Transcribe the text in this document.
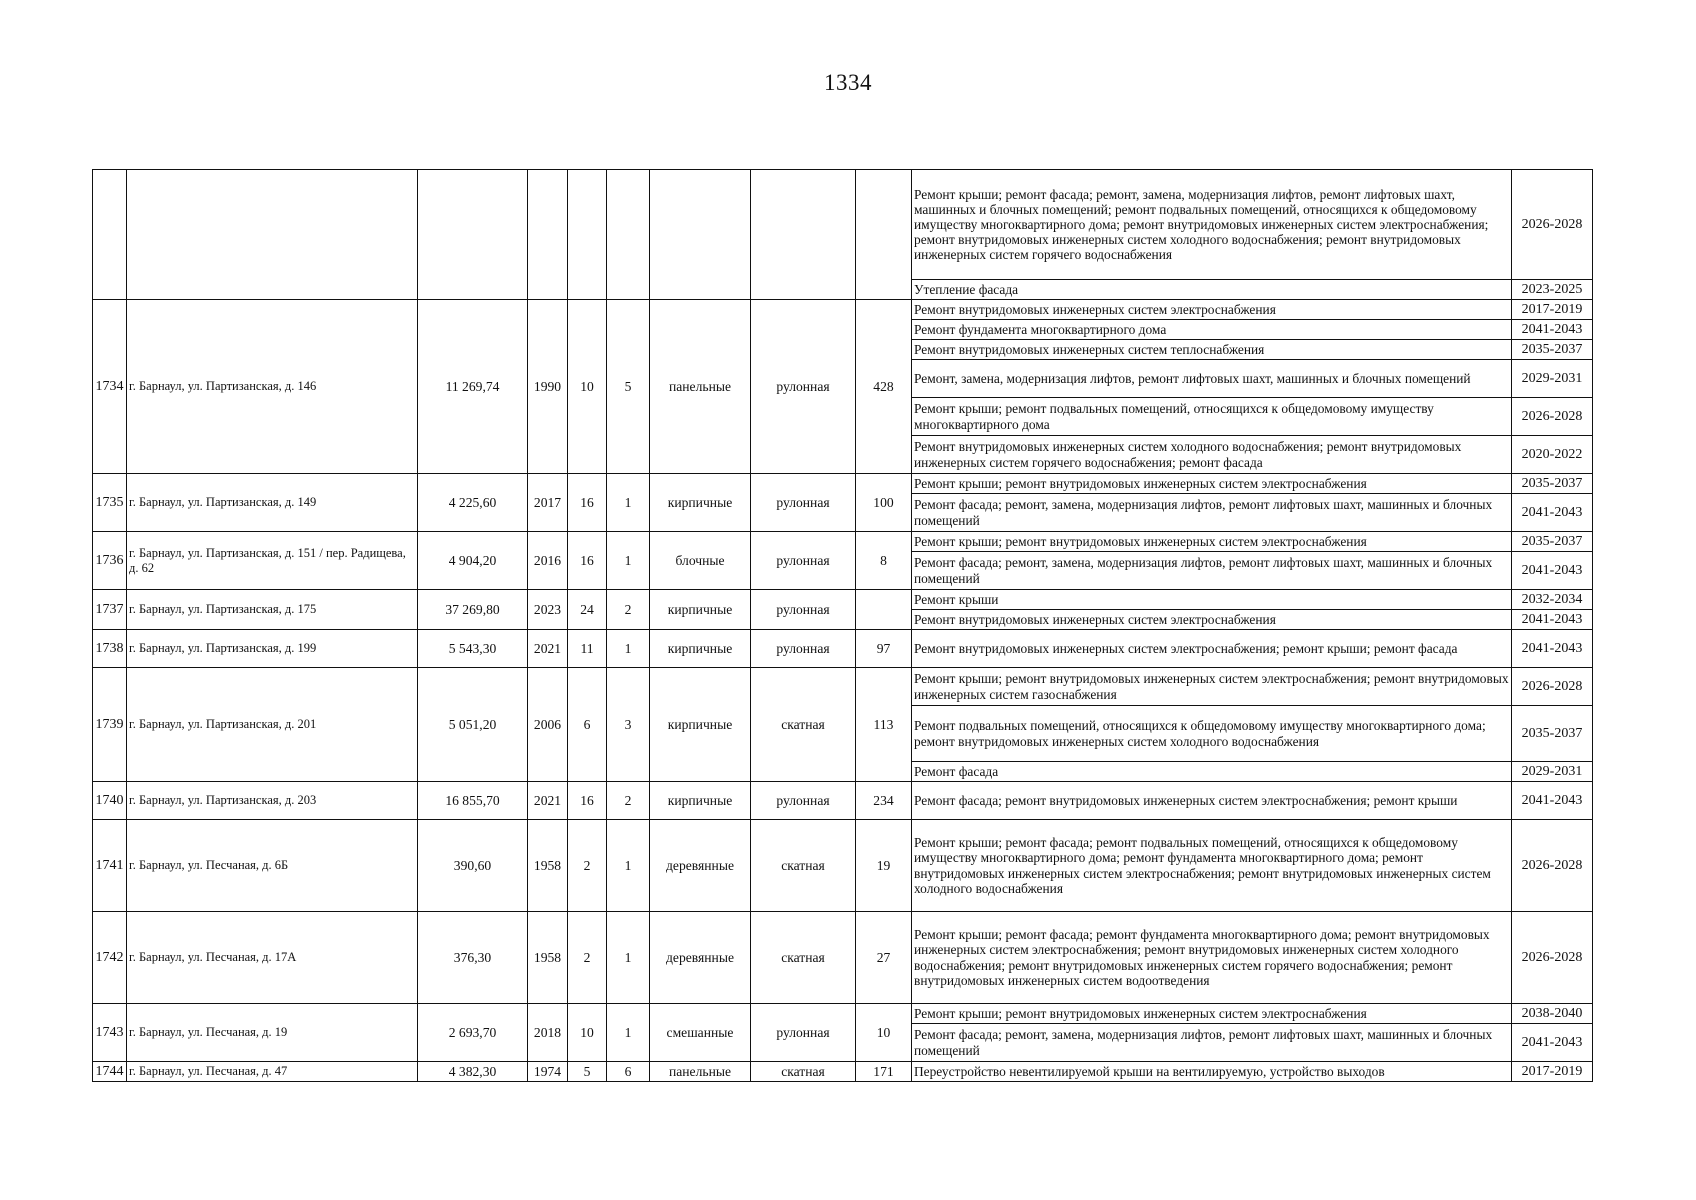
1334
									Ремонт крыши; ремонт фасада; ремонт, замена, модернизация лифтов, ремонт лифтовых шахт, машинных и блочных помещений; ремонт подвальных помещений, относящихся к общедомовому имуществу многоквартирного дома; ремонт внутридомовых инженерных систем электроснабжения; ремонт внутридомовых инженерных систем холодного водоснабжения; ремонт внутридомовых инженерных систем горячего водоснабжения	2026-2028
									Утепление фасада	2023-2025
1734	г. Барнаул, ул. Партизанская, д. 146	11 269,74	1990	10	5	панельные	рулонная	428	Ремонт внутридомовых инженерных систем электроснабжения	2017-2019
									Ремонт фундамента многоквартирного дома	2041-2043
									Ремонт внутридомовых инженерных систем теплоснабжения	2035-2037
									Ремонт, замена, модернизация лифтов, ремонт лифтовых шахт, машинных и блочных помещений	2029-2031
									Ремонт крыши; ремонт подвальных помещений, относящихся к общедомовому имуществу многоквартирного дома	2026-2028
									Ремонт внутридомовых инженерных систем холодного водоснабжения; ремонт внутридомовых инженерных систем горячего водоснабжения; ремонт фасада	2020-2022
1735	г. Барнаул, ул. Партизанская, д. 149	4 225,60	2017	16	1	кирпичные	рулонная	100	Ремонт крыши; ремонт внутридомовых инженерных систем электроснабжения	2035-2037
									Ремонт фасада; ремонт, замена, модернизация лифтов, ремонт лифтовых шахт, машинных и блочных помещений	2041-2043
1736	г. Барнаул, ул. Партизанская, д. 151 / пер. Радищева, д. 62	4 904,20	2016	16	1	блочные	рулонная	8	Ремонт крыши; ремонт внутридомовых инженерных систем электроснабжения	2035-2037
									Ремонт фасада; ремонт, замена, модернизация лифтов, ремонт лифтовых шахт, машинных и блочных помещений	2041-2043
1737	г. Барнаул, ул. Партизанская, д. 175	37 269,80	2023	24	2	кирпичные	рулонная		Ремонт крыши	2032-2034
									Ремонт внутридомовых инженерных систем электроснабжения	2041-2043
1738	г. Барнаул, ул. Партизанская, д. 199	5 543,30	2021	11	1	кирпичные	рулонная	97	Ремонт внутридомовых инженерных систем электроснабжения; ремонт крыши; ремонт фасада	2041-2043
1739	г. Барнаул, ул. Партизанская, д. 201	5 051,20	2006	6	3	кирпичные	скатная	113	Ремонт крыши; ремонт внутридомовых инженерных систем электроснабжения; ремонт внутридомовых инженерных систем газоснабжения	2026-2028
									Ремонт подвальных помещений, относящихся к общедомовому имуществу многоквартирного дома; ремонт внутридомовых инженерных систем холодного водоснабжения	2035-2037
									Ремонт фасада	2029-2031
1740	г. Барнаул, ул. Партизанская, д. 203	16 855,70	2021	16	2	кирпичные	рулонная	234	Ремонт фасада; ремонт внутридомовых инженерных систем электроснабжения; ремонт крыши	2041-2043
1741	г. Барнаул, ул. Песчаная, д. 6Б	390,60	1958	2	1	деревянные	скатная	19	Ремонт крыши; ремонт фасада; ремонт подвальных помещений, относящихся к общедомовому имуществу многоквартирного дома; ремонт фундамента многоквартирного дома; ремонт внутридомовых инженерных систем электроснабжения; ремонт внутридомовых инженерных систем холодного водоснабжения	2026-2028
1742	г. Барнаул, ул. Песчаная, д. 17А	376,30	1958	2	1	деревянные	скатная	27	Ремонт крыши; ремонт фасада; ремонт фундамента многоквартирного дома; ремонт внутридомовых инженерных систем электроснабжения; ремонт внутридомовых инженерных систем холодного водоснабжения; ремонт внутридомовых инженерных систем горячего водоснабжения; ремонт внутридомовых инженерных систем водоотведения	2026-2028
1743	г. Барнаул, ул. Песчаная, д. 19	2 693,70	2018	10	1	смешанные	рулонная	10	Ремонт крыши; ремонт внутридомовых инженерных систем электроснабжения	2038-2040
									Ремонт фасада; ремонт, замена, модернизация лифтов, ремонт лифтовых шахт, машинных и блочных помещений	2041-2043
1744	г. Барнаул, ул. Песчаная, д. 47	4 382,30	1974	5	6	панельные	скатная	171	Переустройство невентилируемой крыши на вентилируемую, устройство выходов	2017-2019
